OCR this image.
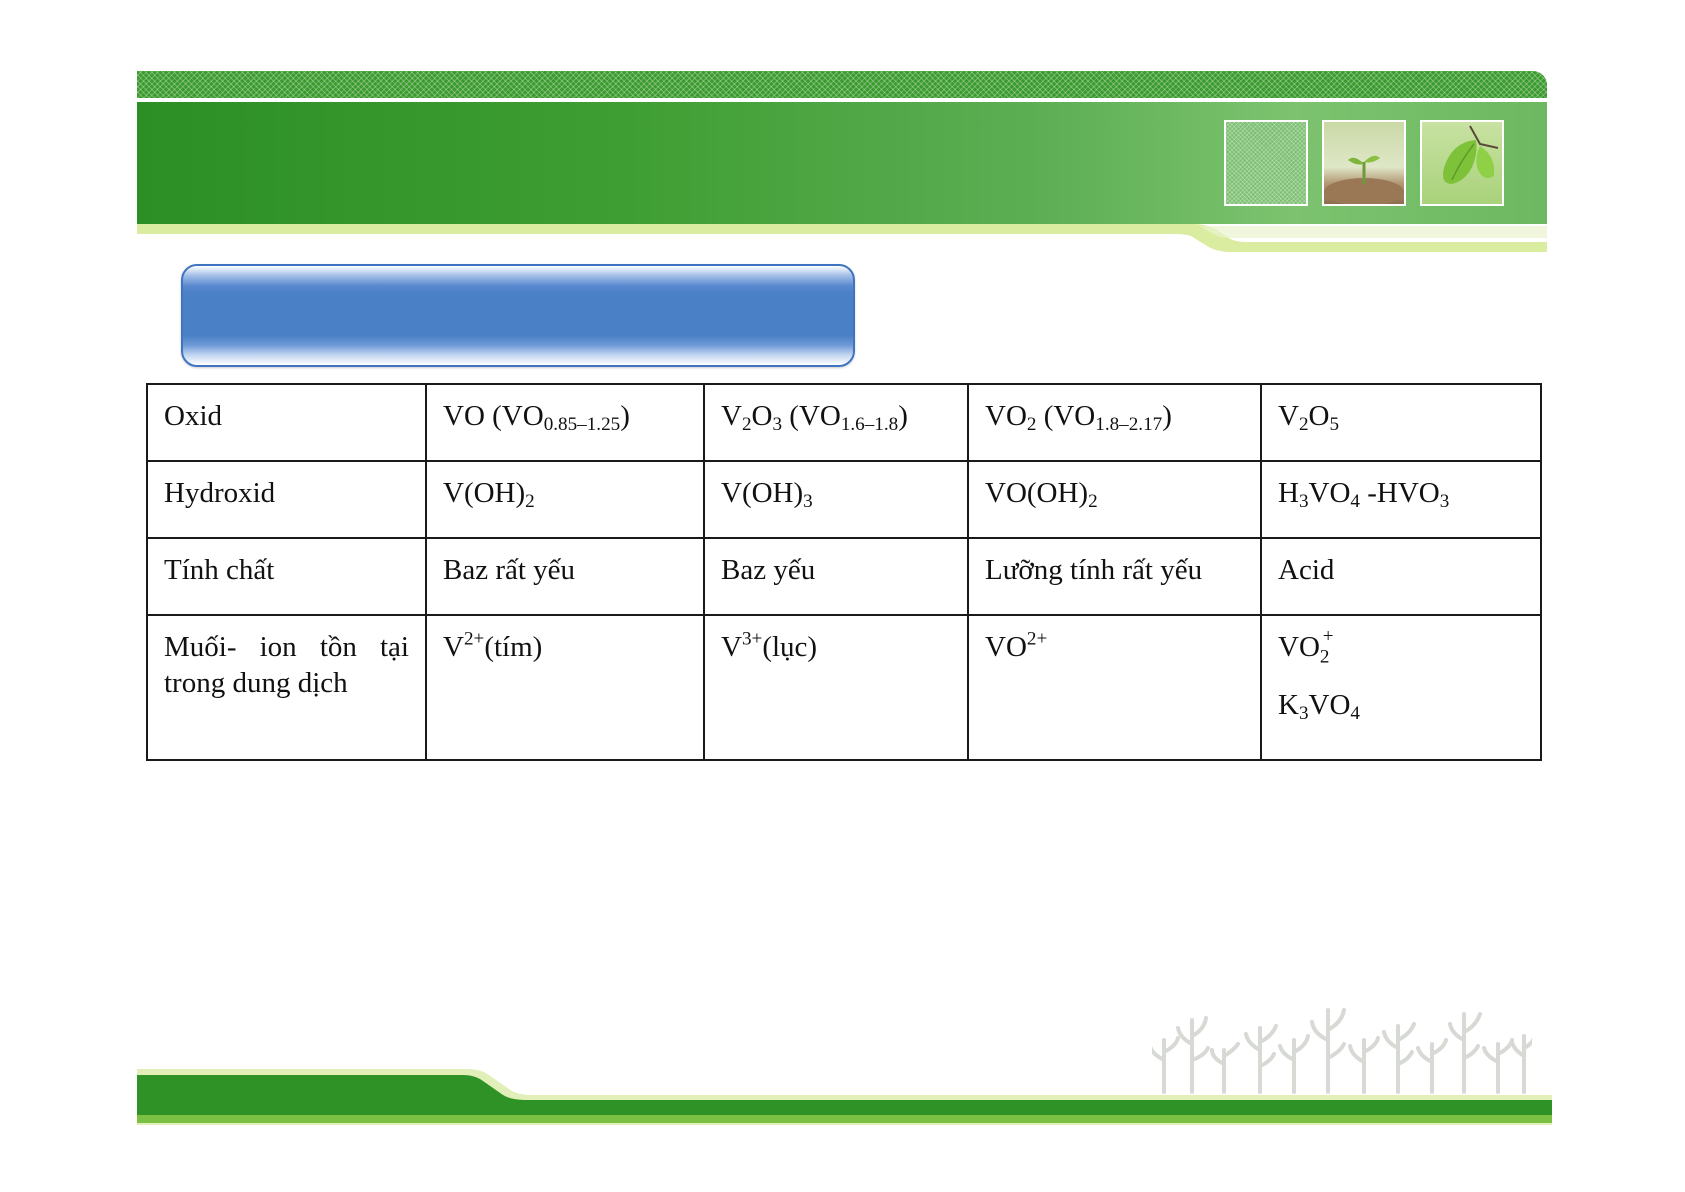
Oxid	VO $(VO_{0.85-1.25})$	$V_2O_3$ $(VO_{1.6-1.8})$	$VO_2$ $(VO_{1.8-2.17})$	$V_2O_5$
Hydroxid	$V(OH)_2$	$V(OH)_3$	$VO(OH)_2$	$H_3VO_4$ $-HVO_3$
Tính chất	Baz rất yếu	Baz yếu	Lưỡng tính rất yếu	Acid
Muối- ion tồn tại trong dung dịch	$V^{2+}(tím)$	$V^{3+}(lục)$	$VO^{2+}$	$VO_2^+$
$K_3VO_4$
